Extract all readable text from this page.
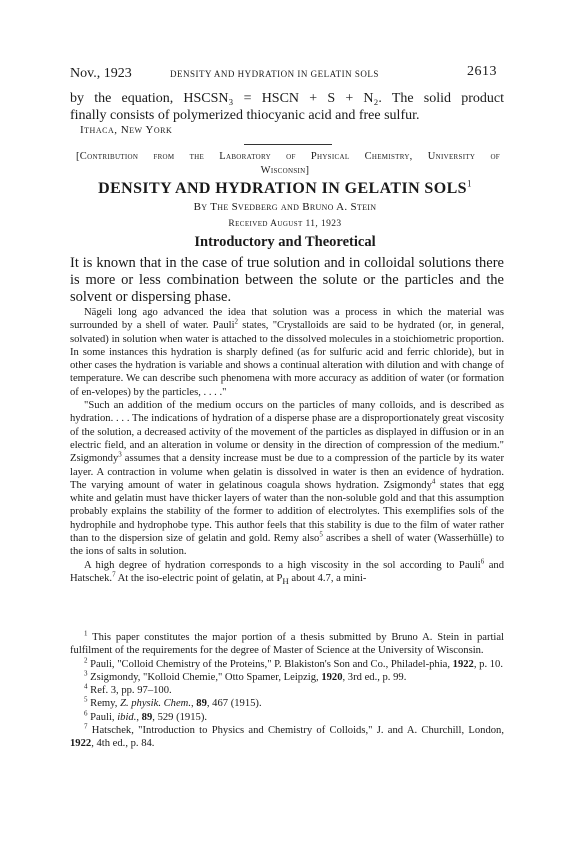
Nov., 1923	DENSITY AND HYDRATION IN GELATIN SOLS	2613
by the equation, HSCSN₃ = HSCN + S + N₂. The solid product
finally consists of polymerized thiocyanic acid and free sulfur.
Ithaca, New York
[Contribution from the Laboratory of Physical Chemistry, University of
Wisconsin]
DENSITY AND HYDRATION IN GELATIN SOLS$^1$
By The Svedberg and Bruno A. Stein
Received August 11, 1923
Introductory and Theoretical
It is known that in the case of true solution and in colloidal solutions there is more or less combination between the solute or the particles and the solvent or dispersing phase.

Nägeli long ago advanced the idea that solution was a process in which the material was surrounded by a shell of water. Pauli$^2$ states, "Crystalloids are said to be hydrated (or, in general, solvated) in solution when water is attached to the dissolved molecules in a stoichiometric proportion. In some instances this hydration is sharply defined (as for sulfuric acid and ferric chloride), but in other cases the hydration is variable and shows a continual alteration with dilution and with change of temperature. We can describe such phenomena with more accuracy as addition of water (or formation of en-velopes) by the particles, . . . ."

"Such an addition of the medium occurs on the particles of many colloids, and is described as hydration. . . . The indications of hydration of a disperse phase are a disproportionately great viscosity of the solution, a decreased activity of the movement of the particles as displayed in diffusion or in an electric field, and an alteration in volume or density in the direction of compression of the medium." Zsigmondy$^3$ assumes that a density increase must be due to a compression of the particle by its water layer. A contraction in volume when gelatin is dissolved in water is then an evidence of hydration. The varying amount of water in gelatinous coagula shows hydration. Zsigmondy$^4$ states that egg white and gelatin must have thicker layers of water than the non-soluble gold and that this assumption probably explains the stability of the former to addition of electrolytes. This exemplifies sols of the hydrophile and hydrophobe type. This author feels that this stability is due to the film of water rather than to the dispersion size of gelatin and gold. Remy also$^5$ ascribes a shell of water (Wasserhülle) to the ions of salts in solution.

A high degree of hydration corresponds to a high viscosity in the sol according to Pauli$^6$ and Hatschek.$^7$ At the iso-electric point of gelatin, at $P_H$ about 4.7, a mini-

$^1$ This paper constitutes the major portion of a thesis submitted by Bruno A. Stein in partial fulfilment of the requirements for the degree of Master of Science at the University of Wisconsin.

$^2$ Pauli, "Colloid Chemistry of the Proteins," P. Blakiston's Son and Co., Philadel-phia, 1922, p. 10.

$^3$ Zsigmondy, "Kolloid Chemie," Otto Spamer, Leipzig, 1920, 3rd ed., p. 99.

$^4$ Ref. 3, pp. 97–100.

$^5$ Remy, Z. physik. Chem., 89, 467 (1915).

$^6$ Pauli, ibid., 89, 529 (1915).

$^7$ Hatschek, "Introduction to Physics and Chemistry of Colloids," J. and A. Churchill, London, 1922, 4th ed., p. 84.
